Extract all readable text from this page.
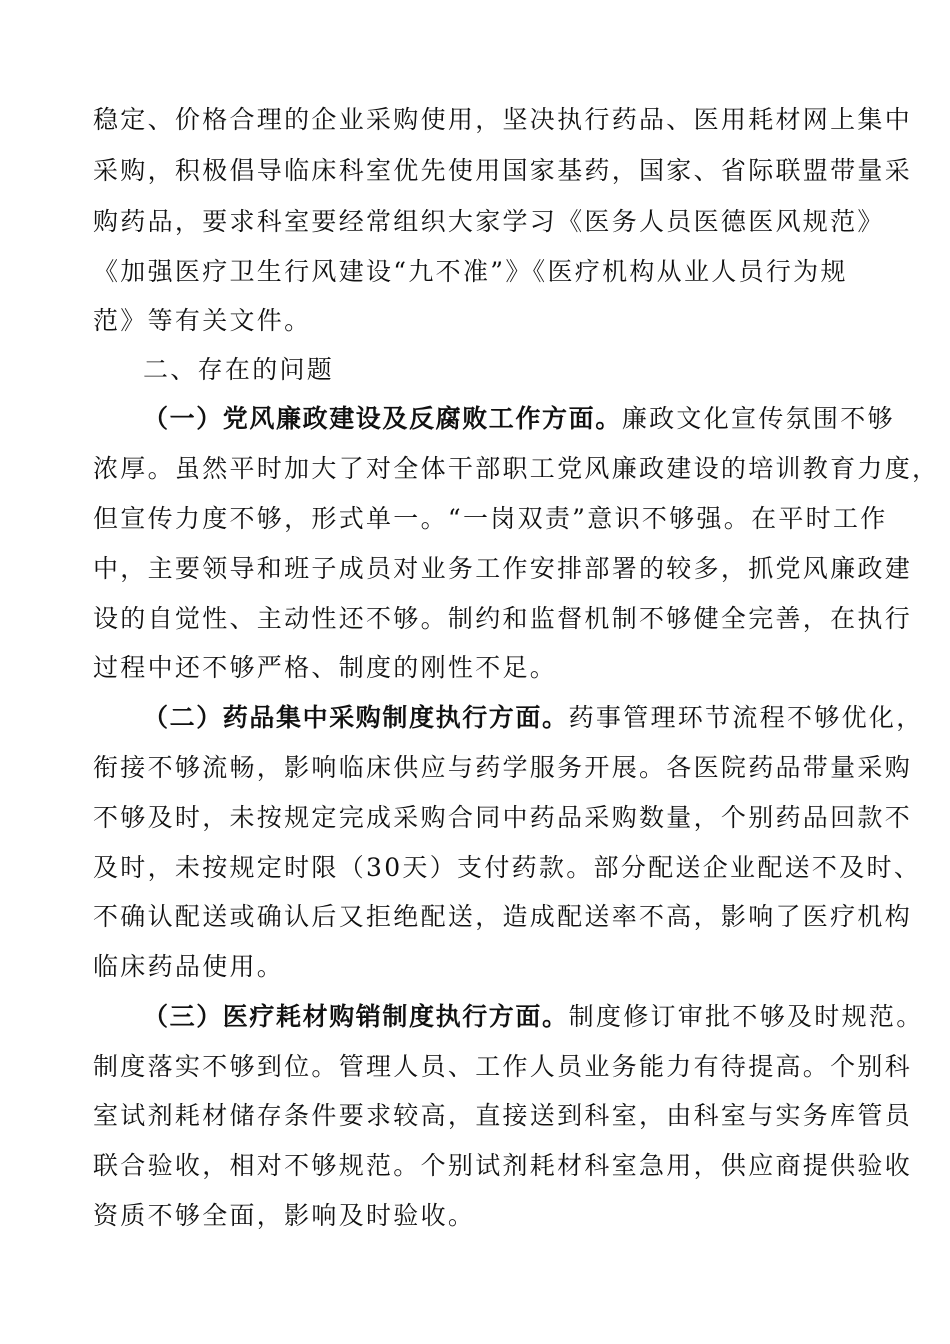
稳定、价格合理的企业采购使用，坚决执行药品、医用耗材网上集中

采购，积极倡导临床科室优先使用国家基药，国家、省际联盟带量采

购药品，要求科室要经常组织大家学习《医务人员医德医风规范》

《加强医疗卫生行风建设“九不准”》《医疗机构从业人员行为规

范》等有关文件。

二、存在的问题

（一）党风廉政建设及反腐败工作方面。廉政文化宣传氛围不够

浓厚。虽然平时加大了对全体干部职工党风廉政建设的培训教育力度，

但宣传力度不够，形式单一。“一岗双责”意识不够强。在平时工作

中，主要领导和班子成员对业务工作安排部署的较多，抓党风廉政建

设的自觉性、主动性还不够。制约和监督机制不够健全完善，在执行

过程中还不够严格、制度的刚性不足。

（二）药品集中采购制度执行方面。药事管理环节流程不够优化，

衔接不够流畅，影响临床供应与药学服务开展。各医院药品带量采购

不够及时，未按规定完成采购合同中药品采购数量，个别药品回款不

及时，未按规定时限（30天）支付药款。部分配送企业配送不及时、

不确认配送或确认后又拒绝配送，造成配送率不高，影响了医疗机构

临床药品使用。

（三）医疗耗材购销制度执行方面。制度修订审批不够及时规范。

制度落实不够到位。管理人员、工作人员业务能力有待提高。个别科

室试剂耗材储存条件要求较高，直接送到科室，由科室与实务库管员

联合验收，相对不够规范。个别试剂耗材科室急用，供应商提供验收

资质不够全面，影响及时验收。
